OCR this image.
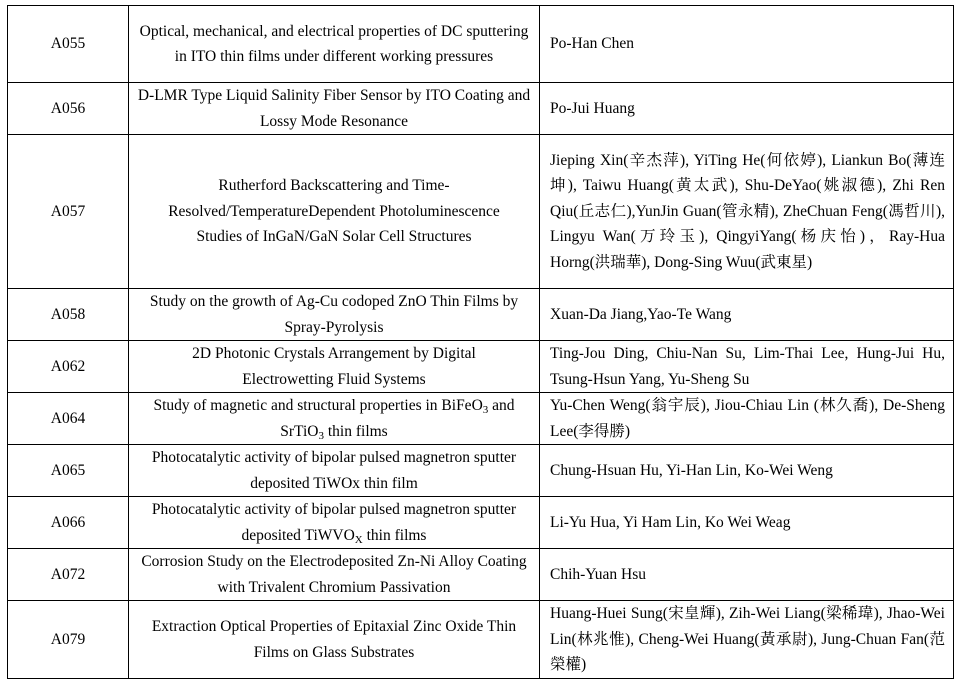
A055	Optical, mechanical, and electrical properties of DC sputtering in ITO thin films under different working pressures	Po-Han Chen
A056	D-LMR Type Liquid Salinity Fiber Sensor by ITO Coating and Lossy Mode Resonance	Po-Jui Huang
A057	Rutherford Backscattering and Time-Resolved/TemperatureDependent Photoluminescence Studies of InGaN/GaN Solar Cell Structures	Jieping Xin(辛杰萍), YiTing He(何依婷), Liankun Bo(薄连坤), Taiwu Huang(黄太武), Shu-DeYao(姚淑德), Zhi Ren Qiu(丘志仁),YunJin Guan(管永精), ZheChuan Feng(馮哲川), Lingyu Wan(万玲玉), QingyiYang(杨庆怡)，Ray-Hua Horng(洪瑞華), Dong-Sing Wuu(武東星)
A058	Study on the growth of Ag-Cu codoped ZnO Thin Films by Spray-Pyrolysis	Xuan-Da Jiang,Yao-Te Wang
A062	2D Photonic Crystals Arrangement by Digital Electrowetting Fluid Systems	Ting-Jou Ding, Chiu-Nan Su, Lim-Thai Lee, Hung-Jui Hu, Tsung-Hsun Yang, Yu-Sheng Su
A064	Study of magnetic and structural properties in BiFeO$_3$ and SrTiO$_3$ thin films	Yu-Chen Weng(翁宇辰), Jiou-Chiau Lin (林久喬), De-Sheng Lee(李得勝)
A065	Photocatalytic activity of bipolar pulsed magnetron sputter deposited TiWOx thin film	Chung-Hsuan Hu, Yi-Han Lin, Ko-Wei Weng
A066	Photocatalytic activity of bipolar pulsed magnetron sputter deposited TiWVO$_X$ thin films	Li-Yu Hua, Yi Ham Lin, Ko Wei Weag
A072	Corrosion Study on the Electrodeposited Zn-Ni Alloy Coating with Trivalent Chromium Passivation	Chih-Yuan Hsu
A079	Extraction Optical Properties of Epitaxial Zinc Oxide Thin Films on Glass Substrates	Huang-Huei Sung(宋皇輝), Zih-Wei Liang(梁稀瑋), Jhao-Wei Lin(林兆惟), Cheng-Wei Huang(黃承尉), Jung-Chuan Fan(范榮權)
